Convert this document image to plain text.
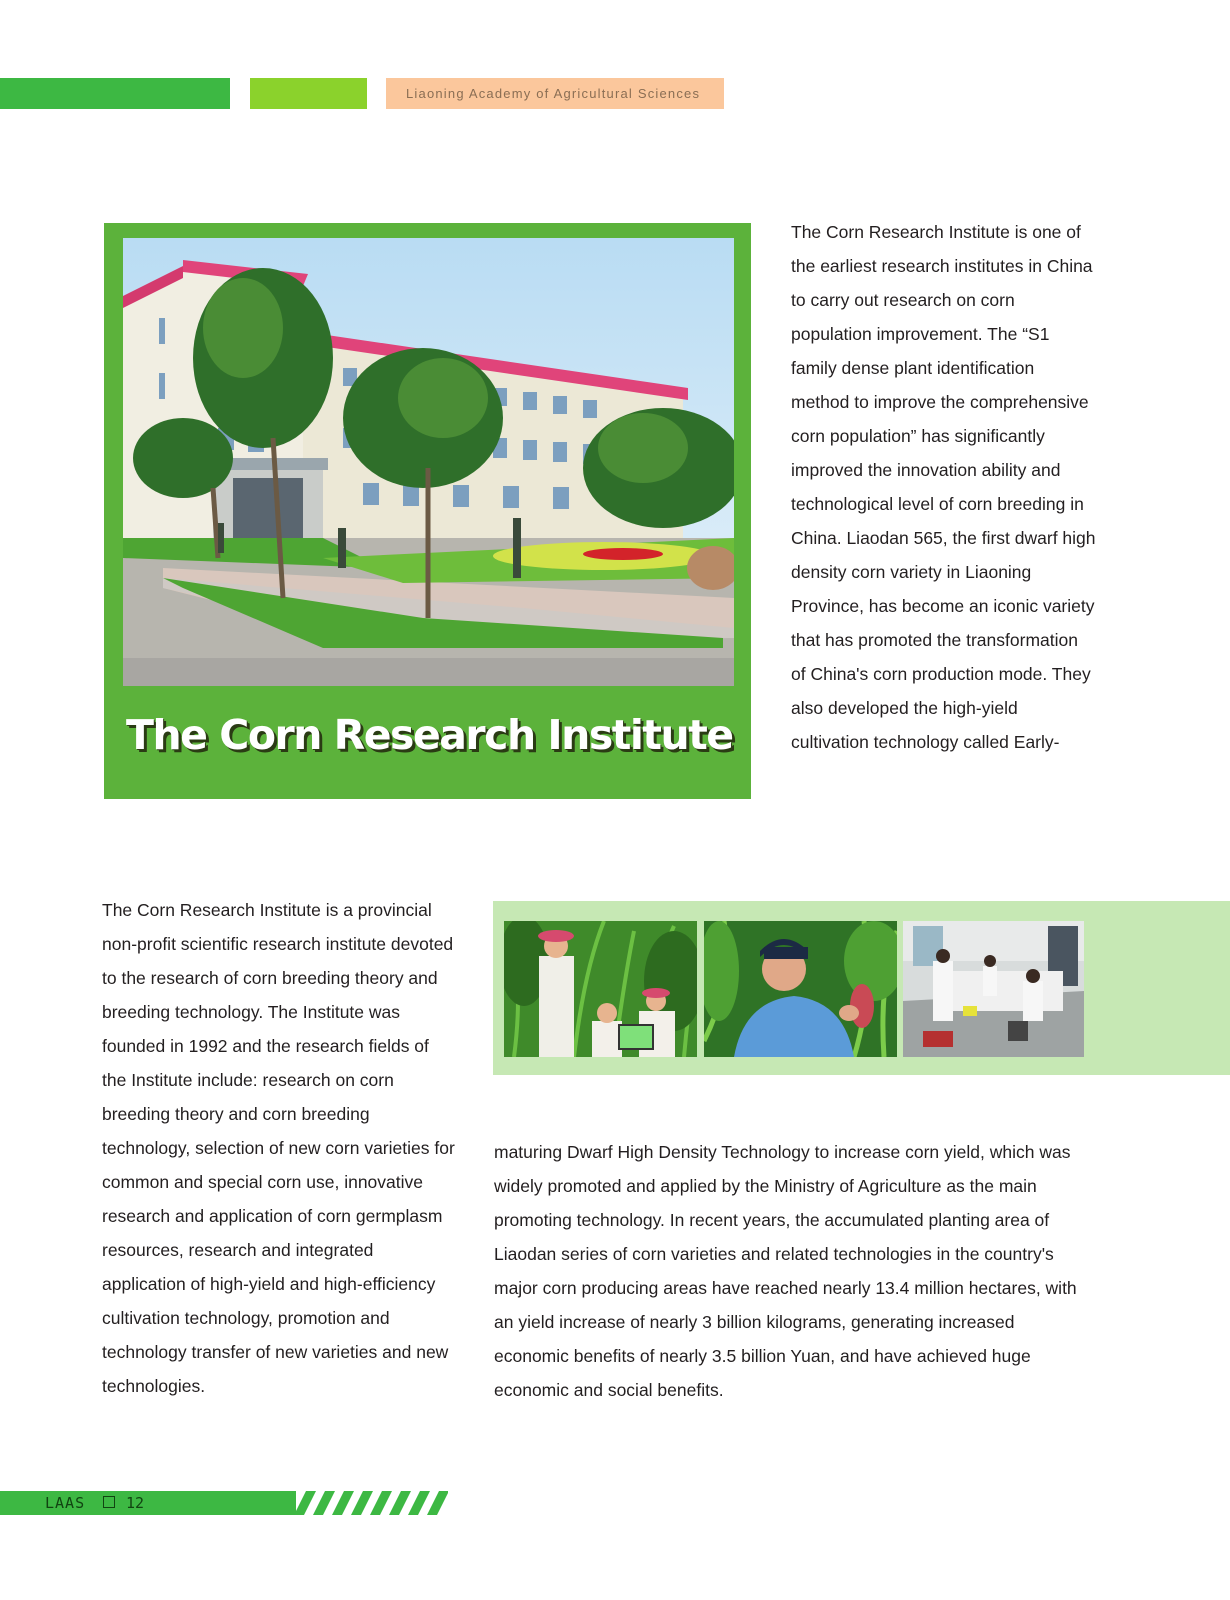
Liaoning Academy of Agricultural Sciences
The Corn Research Institute

The Corn Research Institute is one of the earliest research institutes in China to carry out research on corn population improvement. The “S1 family dense plant identification method to improve the comprehensive corn population” has significantly improved the innovation ability and technological level of corn breeding in China. Liaodan 565, the first dwarf high density corn variety in Liaoning Province, has become an iconic variety that has promoted the transformation of China's corn production mode. They also developed the high-yield cultivation technology called Early-

The Corn Research Institute is a provincial non-profit scientific research institute devoted to the research of corn breeding theory and breeding technology. The Institute was founded in 1992 and the research fields of the Institute include: research on corn breeding theory and corn breeding technology, selection of new corn varieties for common and special corn use, innovative research and application of corn germplasm resources, research and integrated application of high-yield and high-efficiency cultivation technology, promotion and technology transfer of new varieties and new technologies.

maturing Dwarf High Density Technology to increase corn yield, which was widely promoted and applied by the Ministry of Agriculture as the main promoting technology. In recent years, the accumulated planting area of Liaodan series of corn varieties and related technologies in the country's major corn producing areas have reached nearly 13.4 million hectares, with an yield increase of nearly 3 billion kilograms, generating increased economic benefits of nearly 3.5 billion Yuan, and have achieved huge economic and social benefits.

LAAS	12
